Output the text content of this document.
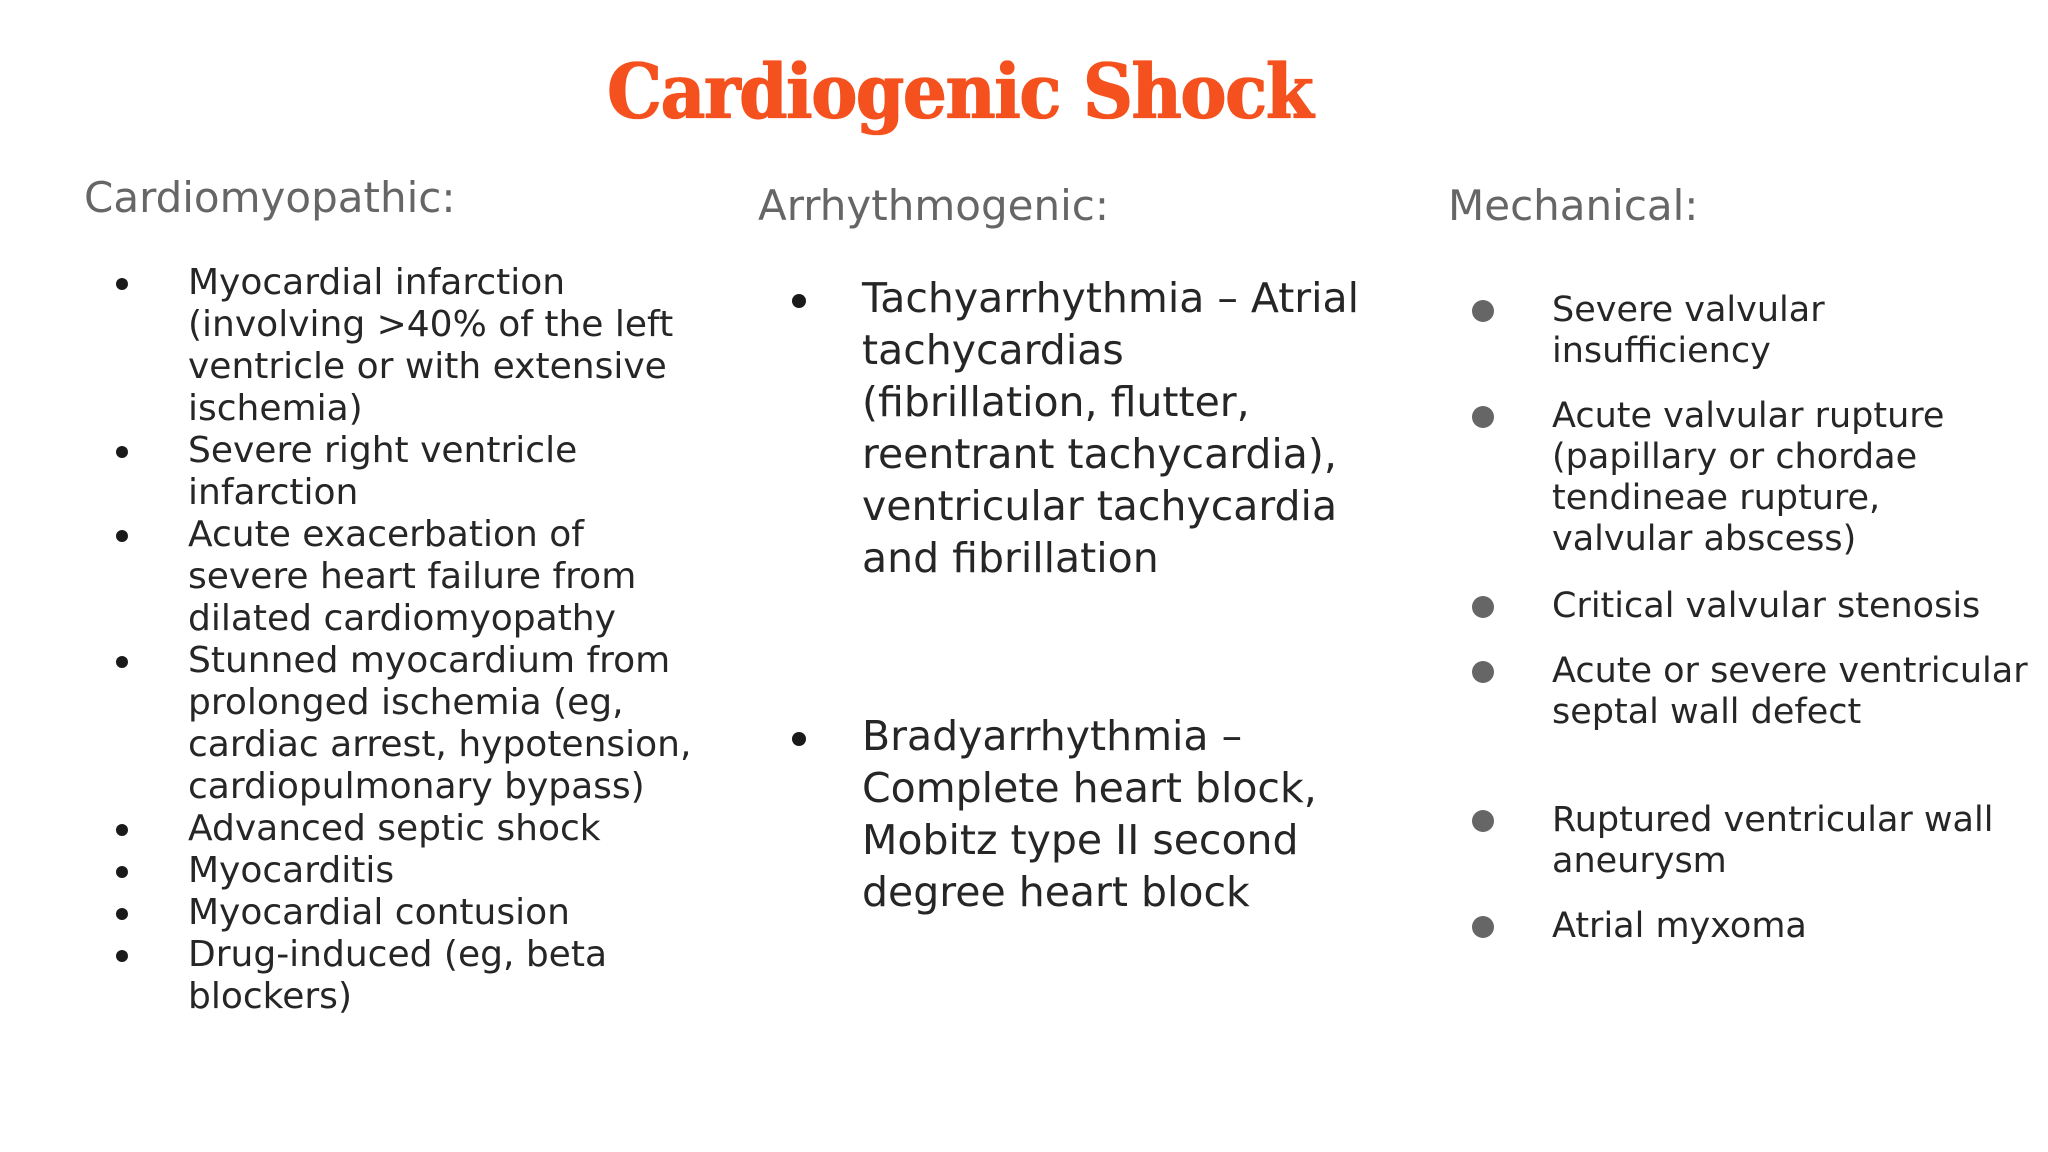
Cardiogenic Shock
Cardiomyopathic:
Myocardial infarction (involving >40% of the left ventricle or with extensive ischemia)
Severe right ventricle infarction
Acute exacerbation of severe heart failure from dilated cardiomyopathy
Stunned myocardium from prolonged ischemia (eg, cardiac arrest, hypotension, cardiopulmonary bypass)
Advanced septic shock
Myocarditis
Myocardial contusion
Drug-induced (eg, beta blockers)
Arrhythmogenic:
Tachyarrhythmia – Atrial tachycardias (fibrillation, flutter, reentrant tachycardia), ventricular tachycardia and fibrillation
Bradyarrhythmia – Complete heart block, Mobitz type II second degree heart block
Mechanical:
Severe valvular insufficiency
Acute valvular rupture (papillary or chordae tendineae rupture, valvular abscess)
Critical valvular stenosis
Acute or severe ventricular septal wall defect
Ruptured ventricular wall aneurysm
Atrial myxoma
